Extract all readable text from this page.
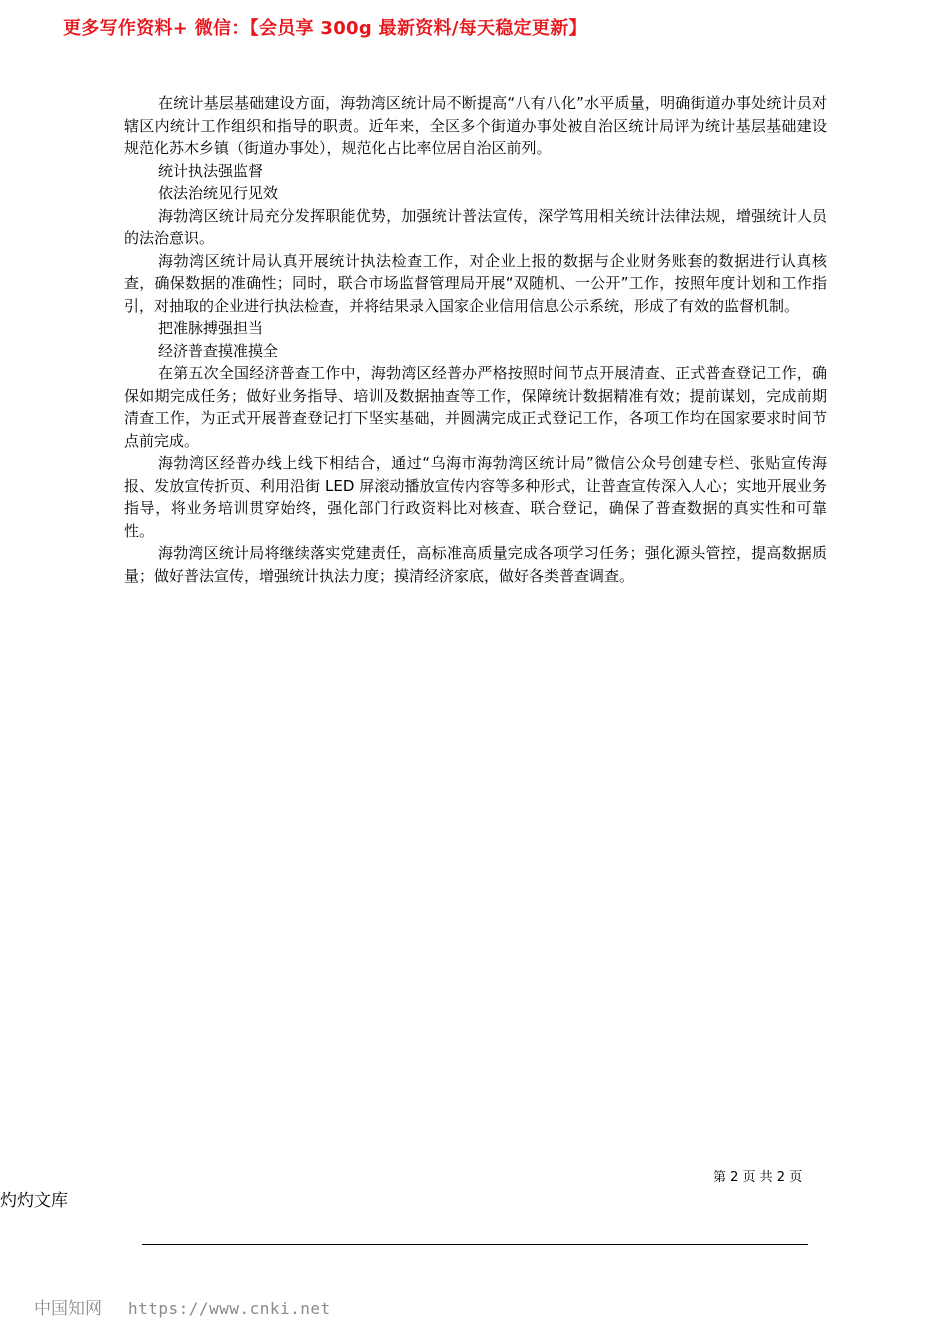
更多写作资料+ 微信：【会员享 300g 最新资料/每天稳定更新】

在统计基层基础建设方面，海勃湾区统计局不断提高“八有八化”水平质量，明确街道办事处统计员对辖区内统计工作组织和指导的职责。近年来，全区多个街道办事处被自治区统计局评为统计基层基础建设规范化苏木乡镇（街道办事处），规范化占比率位居自治区前列。

统计执法强监督

依法治统见行见效

海勃湾区统计局充分发挥职能优势，加强统计普法宣传，深学笃用相关统计法律法规，增强统计人员的法治意识。

海勃湾区统计局认真开展统计执法检查工作，对企业上报的数据与企业财务账套的数据进行认真核查，确保数据的准确性；同时，联合市场监督管理局开展“双随机、一公开”工作，按照年度计划和工作指引，对抽取的企业进行执法检查，并将结果录入国家企业信用信息公示系统，形成了有效的监督机制。

把准脉搏强担当

经济普查摸准摸全

在第五次全国经济普查工作中，海勃湾区经普办严格按照时间节点开展清查、正式普查登记工作，确保如期完成任务；做好业务指导、培训及数据抽查等工作，保障统计数据精准有效；提前谋划，完成前期清查工作，为正式开展普查登记打下坚实基础，并圆满完成正式登记工作，各项工作均在国家要求时间节点前完成。

海勃湾区经普办线上线下相结合，通过“乌海市海勃湾区统计局”微信公众号创建专栏、张贴宣传海报、发放宣传折页、利用沿街 LED 屏滚动播放宣传内容等多种形式，让普查宣传深入人心；实地开展业务指导，将业务培训贯穿始终，强化部门行政资料比对核查、联合登记，确保了普查数据的真实性和可靠性。

海勃湾区统计局将继续落实党建责任，高标准高质量完成各项学习任务；强化源头管控，提高数据质量；做好普法宣传，增强统计执法力度；摸清经济家底，做好各类普查调查。

第 2 页 共 2 页
灼灼文库
中国知网 https://www.cnki.net
